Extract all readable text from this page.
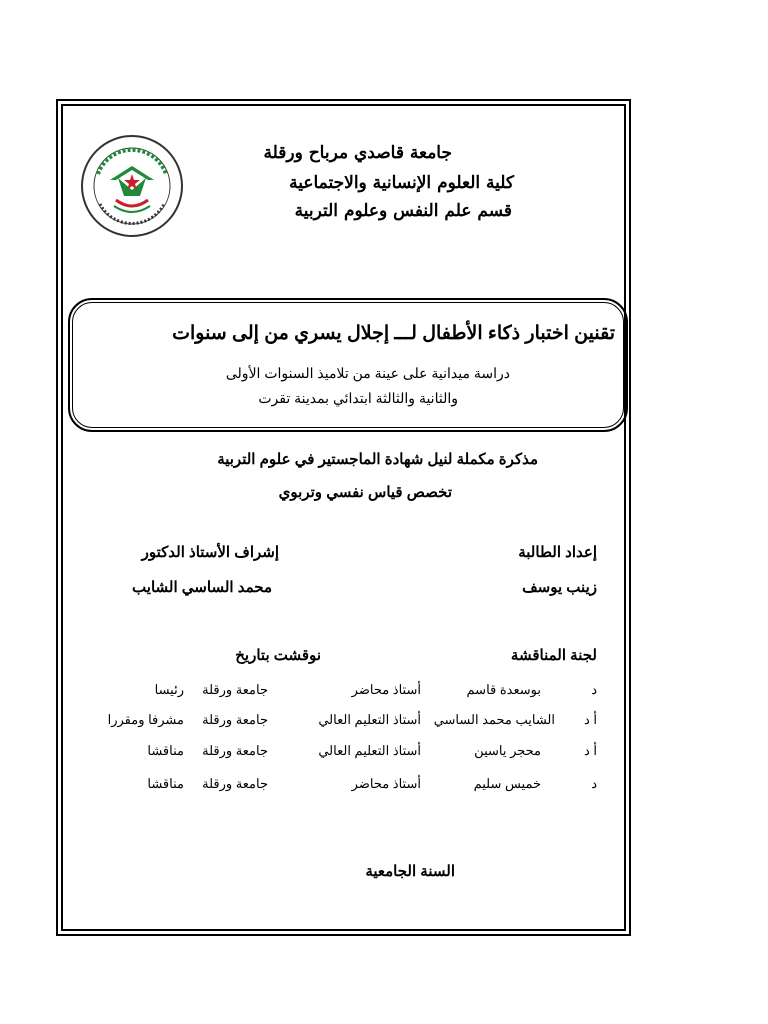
جامعة قاصدي مرباح ورقلة
كلية العلوم الإنسانية والاجتماعية
قسم علم النفس وعلوم التربية
تقنين اختبار ذكاء الأطفال لـــ إجلال يسري من إلى سنوات
دراسة ميدانية على عينة من تلاميذ السنوات الأولى
والثانية والثالثة ابتدائي بمدينة تقرت
مذكرة مكملة لنيل شهادة الماجستير في علوم التربية
تخصص قياس نفسي وتربوي
إعداد الطالبة
زينب يوسف
إشراف الأستاذ الدكتور
محمد الساسي الشايب
لجنة المناقشة
نوقشت بتاريخ
د
بوسعدة قاسم
أستاذ محاضر
جامعة ورقلة
رئيسا
أ د
الشايب محمد الساسي
أستاذ التعليم العالي
جامعة ورقلة
مشرفا ومقررا
أ د
محجر ياسين
أستاذ التعليم العالي
جامعة ورقلة
مناقشا
د
خميس سليم
أستاذ محاضر
جامعة ورقلة
مناقشا
السنة الجامعية
